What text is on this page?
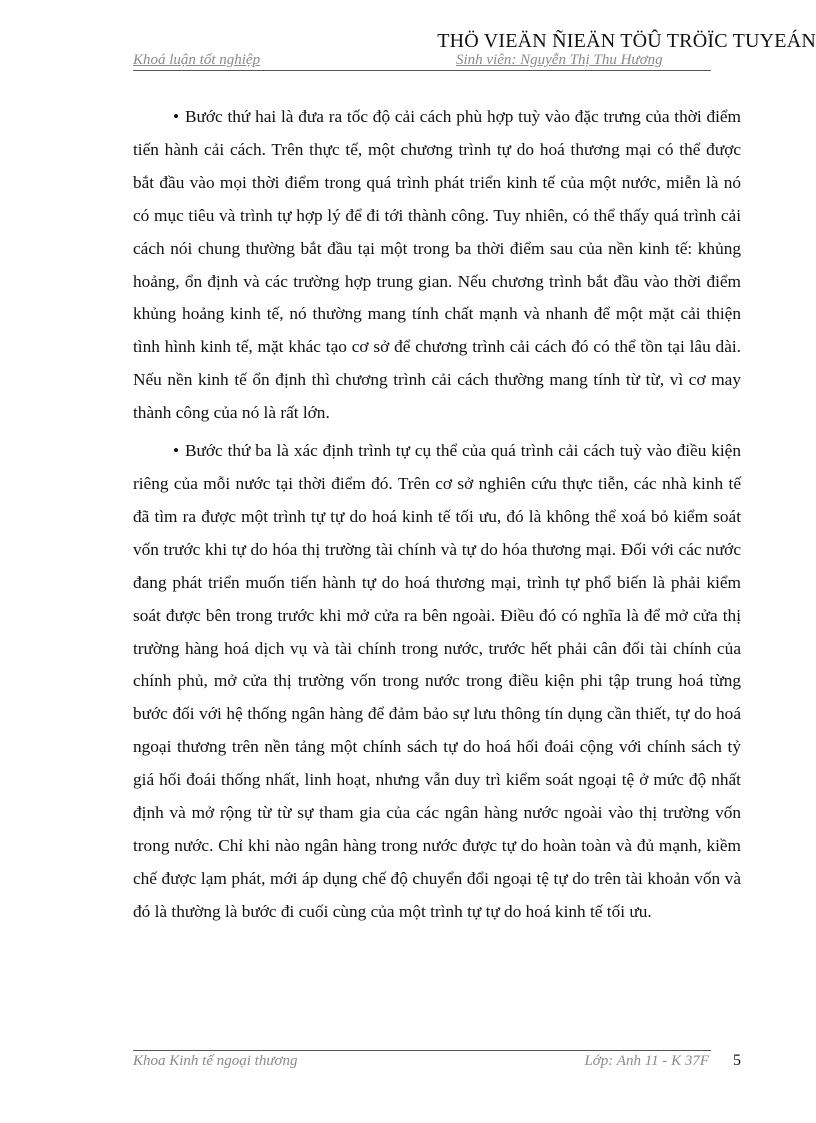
THÖ VIEÄN ÑIEÄN TÖÛ TRÖÏC TUYEÁN
Khoá luận tốt nghiệp	Sinh viên: Nguyễn Thị Thu Hương

• Bước thứ hai là đưa ra tốc độ cải cách phù hợp tuỳ vào đặc trưng của thời điểm tiến hành cải cách. Trên thực tế, một chương trình tự do hoá thương mại có thể được bắt đầu vào mọi thời điểm trong quá trình phát triển kinh tế của một nước, miễn là nó có mục tiêu và trình tự hợp lý để đi tới thành công. Tuy nhiên, có thể thấy quá trình cải cách nói chung thường bắt đầu tại một trong ba thời điểm sau của nền kinh tế: khủng hoảng, ổn định và các trường hợp trung gian. Nếu chương trình bắt đầu vào thời điểm khủng hoảng kinh tế, nó thường mang tính chất mạnh và nhanh để một mặt cải thiện tình hình kinh tế, mặt khác tạo cơ sở để chương trình cải cách đó có thể tồn tại lâu dài. Nếu nền kinh tế ổn định thì chương trình cải cách thường mang tính từ từ, vì cơ may thành công của nó là rất lớn.

• Bước thứ ba là xác định trình tự cụ thể của quá trình cải cách tuỳ vào điều kiện riêng của mỗi nước tại thời điểm đó. Trên cơ sở nghiên cứu thực tiễn, các nhà kinh tế đã tìm ra được một trình tự tự do hoá kinh tế tối ưu, đó là không thể xoá bỏ kiểm soát vốn trước khi tự do hóa thị trường tài chính và tự do hóa thương mại. Đối với các nước đang phát triển muốn tiến hành tự do hoá thương mại, trình tự phổ biến là phải kiểm soát được bên trong trước khi mở cửa ra bên ngoài. Điều đó có nghĩa là để mở cửa thị trường hàng hoá dịch vụ và tài chính trong nước, trước hết phải cân đối tài chính của chính phủ, mở cửa thị trường vốn trong nước trong điều kiện phi tập trung hoá từng bước đối với hệ thống ngân hàng để đảm bảo sự lưu thông tín dụng cần thiết, tự do hoá ngoại thương trên nền tảng một chính sách tự do hoá hối đoái cộng với chính sách tỷ giá hối đoái thống nhất, linh hoạt, nhưng vẫn duy trì kiểm soát ngoại tệ ở mức độ nhất định và mở rộng từ từ sự tham gia của các ngân hàng nước ngoài vào thị trường vốn trong nước. Chỉ khi nào ngân hàng trong nước được tự do hoàn toàn và đủ mạnh, kiềm chế được lạm phát, mới áp dụng chế độ chuyển đổi ngoại tệ tự do trên tài khoản vốn và đó là thường là bước đi cuối cùng của một trình tự tự do hoá kinh tế tối ưu.

Khoa Kinh tế ngoại thương	Lớp: Anh 11 - K 37F 5
